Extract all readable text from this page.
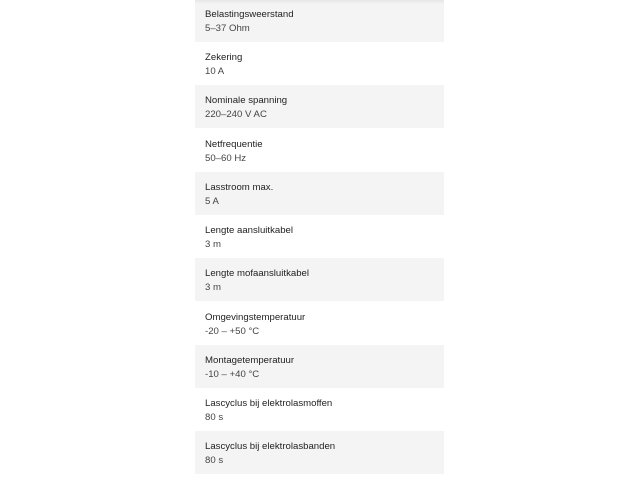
Belastingsweerstand
5–37 Ohm
Zekering
10 A
Nominale spanning
220–240 V AC
Netfrequentie
50–60 Hz
Lasstroom max.
5 A
Lengte aansluitkabel
3 m
Lengte mofaansluitkabel
3 m
Omgevingstemperatuur
-20 – +50 °C
Montagetemperatuur
-10 – +40 °C
Lascyclus bij elektrolasmoffen
80 s
Lascyclus bij elektrolasbanden
80 s
